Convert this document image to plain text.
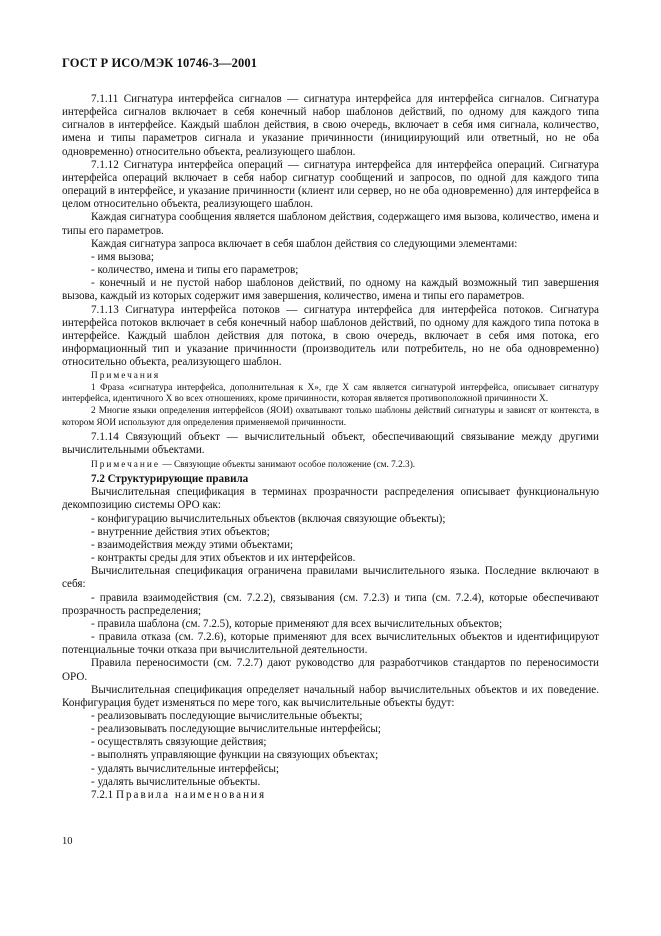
ГОСТ Р ИСО/МЭК 10746-3—2001

7.1.11 Сигнатура интерфейса сигналов — сигнатура интерфейса для интерфейса сигналов. Сигнатура интерфейса сигналов включает в себя конечный набор шаблонов действий, по одному для каждого типа сигналов в интерфейсе. Каждый шаблон действия, в свою очередь, включает в себя имя сигнала, количество, имена и типы параметров сигнала и указание причинности (инициирующий или ответный, но не оба одновременно) относительно объекта, реализующего шаблон.

7.1.12 Сигнатура интерфейса операций — сигнатура интерфейса для интерфейса операций. Сигнатура интерфейса операций включает в себя набор сигнатур сообщений и запросов, по одной для каждого типа операций в интерфейсе, и указание причинности (клиент или сервер, но не оба одновременно) для интерфейса в целом относительно объекта, реализующего шаблон.

Каждая сигнатура сообщения является шаблоном действия, содержащего имя вызова, количество, имена и типы его параметров.

Каждая сигнатура запроса включает в себя шаблон действия со следующими элементами:

- имя вызова;

- количество, имена и типы его параметров;

- конечный и не пустой набор шаблонов действий, по одному на каждый возможный тип завершения вызова, каждый из которых содержит имя завершения, количество, имена и типы его параметров.

7.1.13 Сигнатура интерфейса потоков — сигнатура интерфейса для интерфейса потоков. Сигнатура интерфейса потоков включает в себя конечный набор шаблонов действий, по одному для каждого типа потока в интерфейсе. Каждый шаблон действия для потока, в свою очередь, включает в себя имя потока, его информационный тип и указание причинности (производитель или потребитель, но не оба одновременно) относительно объекта, реализующего шаблон.

Примечания

1 Фраза «сигнатура интерфейса, дополнительная к X», где X сам является сигнатурой интерфейса, описывает сигнатуру интерфейса, идентичного X во всех отношениях, кроме причинности, которая является противоположной причинности X.

2 Многие языки определения интерфейсов (ЯОИ) охватывают только шаблоны действий сигнатуры и зависят от контекста, в котором ЯОИ используют для определения применяемой причинности.

7.1.14 Связующий объект — вычислительный объект, обеспечивающий связывание между другими вычислительными объектами.

Примечание — Связующие объекты занимают особое положение (см. 7.2.3).

7.2 Структурирующие правила

Вычислительная спецификация в терминах прозрачности распределения описывает функциональную декомпозицию системы ОРО как:

- конфигурацию вычислительных объектов (включая связующие объекты);

- внутренние действия этих объектов;

- взаимодействия между этими объектами;

- контракты среды для этих объектов и их интерфейсов.

Вычислительная спецификация ограничена правилами вычислительного языка. Последние включают в себя:

- правила взаимодействия (см. 7.2.2), связывания (см. 7.2.3) и типа (см. 7.2.4), которые обеспечивают прозрачность распределения;

- правила шаблона (см. 7.2.5), которые применяют для всех вычислительных объектов;

- правила отказа (см. 7.2.6), которые применяют для всех вычислительных объектов и идентифицируют потенциальные точки отказа при вычислительной деятельности.

Правила переносимости (см. 7.2.7) дают руководство для разработчиков стандартов по переносимости ОРО.

Вычислительная спецификация определяет начальный набор вычислительных объектов и их поведение. Конфигурация будет изменяться по мере того, как вычислительные объекты будут:

- реализовывать последующие вычислительные объекты;

- реализовывать последующие вычислительные интерфейсы;

- осуществлять связующие действия;

- выполнять управляющие функции на связующих объектах;

- удалять вычислительные интерфейсы;

- удалять вычислительные объекты.

7.2.1 Правила наименования

10
